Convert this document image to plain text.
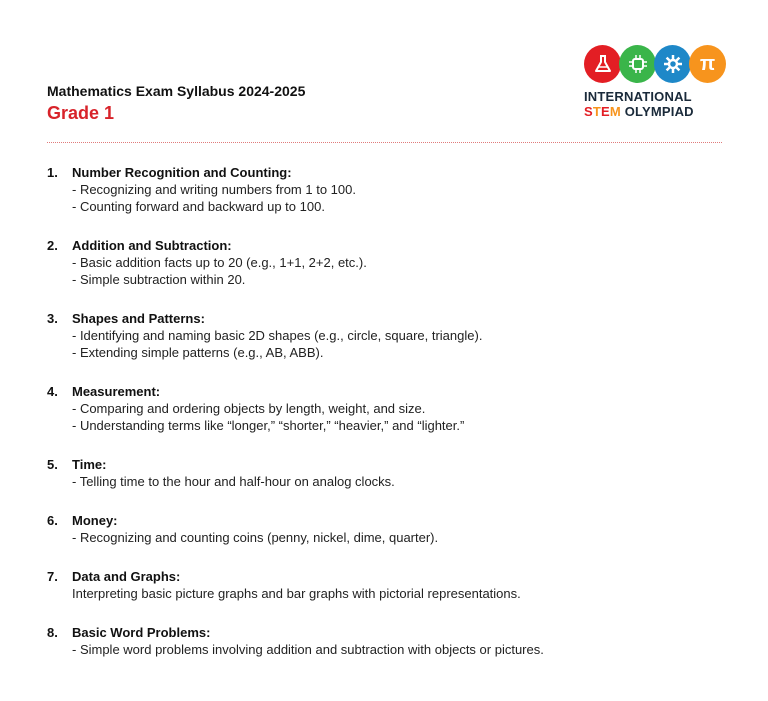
Mathematics Exam Syllabus 2024-2025
Grade 1
π
INTERNATIONAL
STEM OLYMPIAD
1.	Number Recognition and Counting:
- Recognizing and writing numbers from 1 to 100.
- Counting forward and backward up to 100.
2.	Addition and Subtraction:
- Basic addition facts up to 20 (e.g., 1+1, 2+2, etc.).
- Simple subtraction within 20.
3.	Shapes and Patterns:
- Identifying and naming basic 2D shapes (e.g., circle, square, triangle).
- Extending simple patterns (e.g., AB, ABB).
4.	Measurement:
- Comparing and ordering objects by length, weight, and size.
- Understanding terms like “longer,” “shorter,” “heavier,” and “lighter.”
5.	Time:
- Telling time to the hour and half-hour on analog clocks.
6.	Money:
- Recognizing and counting coins (penny, nickel, dime, quarter).
7.	Data and Graphs:
Interpreting basic picture graphs and bar graphs with pictorial representations.
8.	Basic Word Problems:
- Simple word problems involving addition and subtraction with objects or pictures.
